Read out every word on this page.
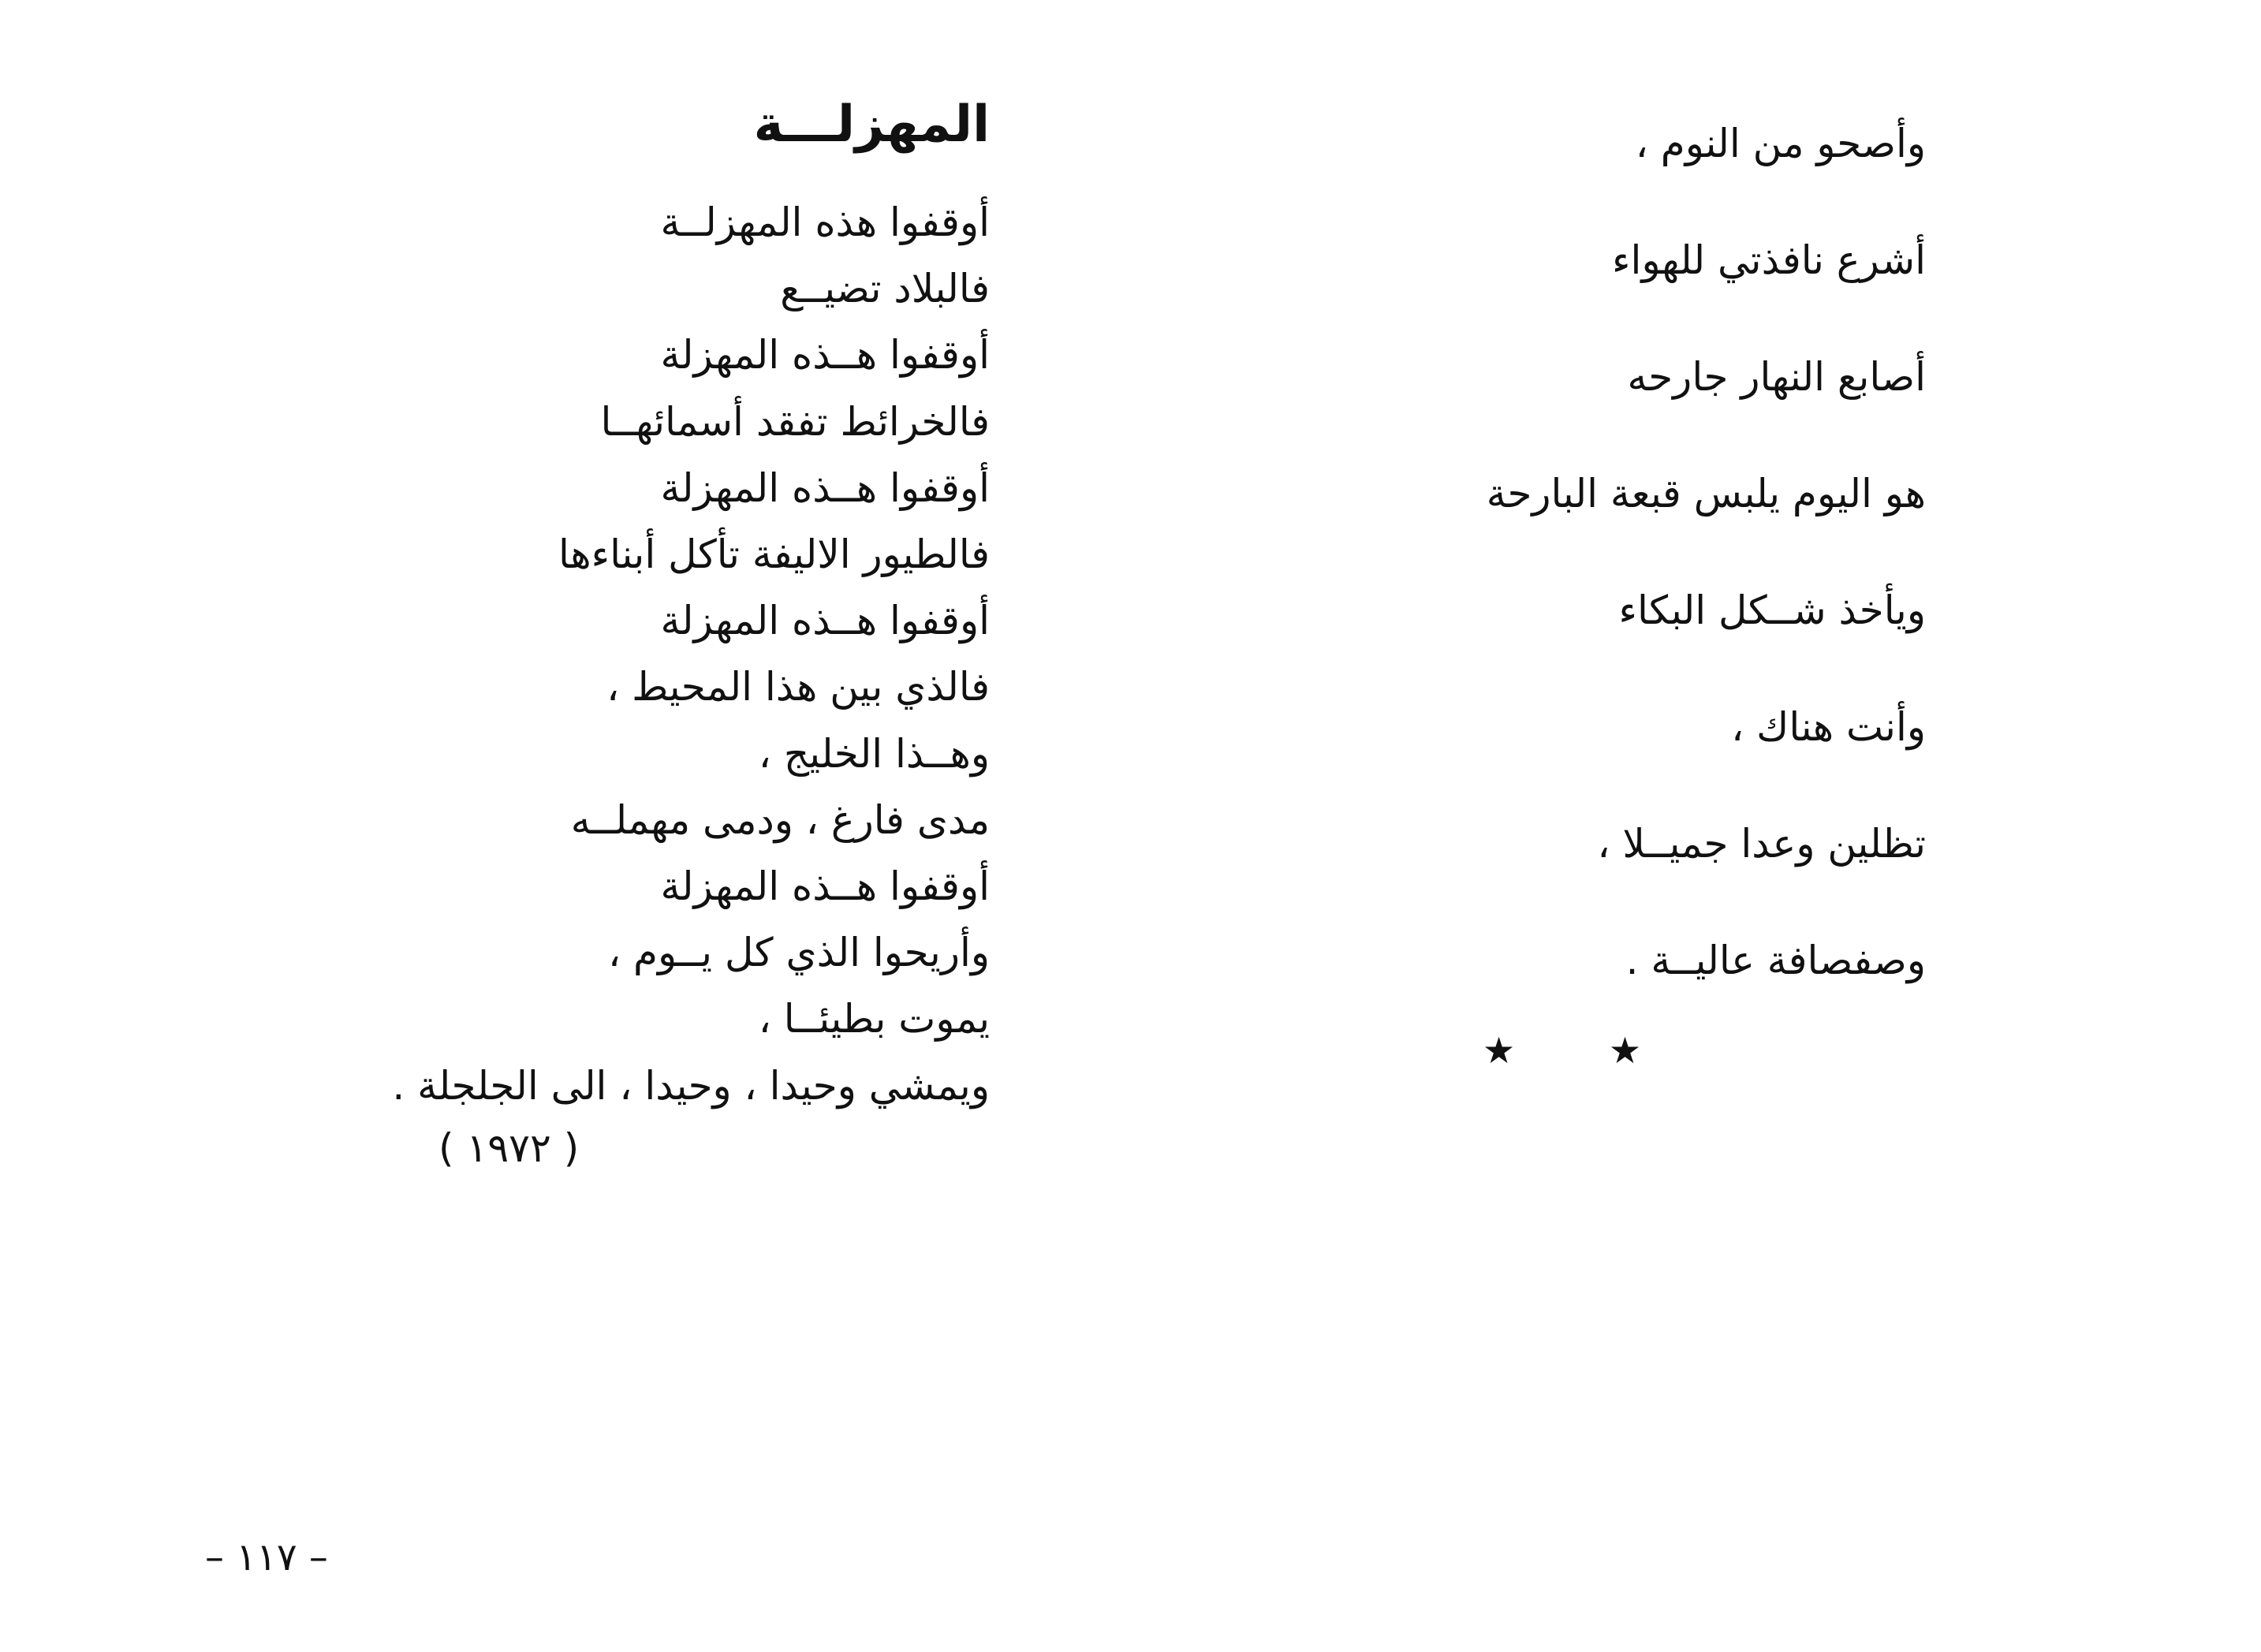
وأصحو من النوم ،
أشرع نافذتي للهواء
أصابع النهار جارحه
هو اليوم يلبس قبعة البارحة
ويأخذ شــكل البكاء
وأنت هناك ،
تظلين وعدا جميــلا ،
وصفصافة عاليــة .
★ ★
المهزلـــة
أوقفوا هذه المهزلــة
فالبلاد تضيــع
أوقفوا هــذه المهزلة
فالخرائط تفقد أسمائهــا
أوقفوا هــذه المهزلة
فالطيور الاليفة تأكل أبناءها
أوقفوا هــذه المهزلة
فالذي بين هذا المحيط ،
وهــذا الخليج ،
مدى فارغ ، ودمى مهملــه
أوقفوا هــذه المهزلة
وأريحوا الذي كل يــوم ،
يموت بطيئــا ،
ويمشي وحيدا ، وحيدا ، الى الجلجلة .
( ١٩٧٢ )
– ١١٧ –
